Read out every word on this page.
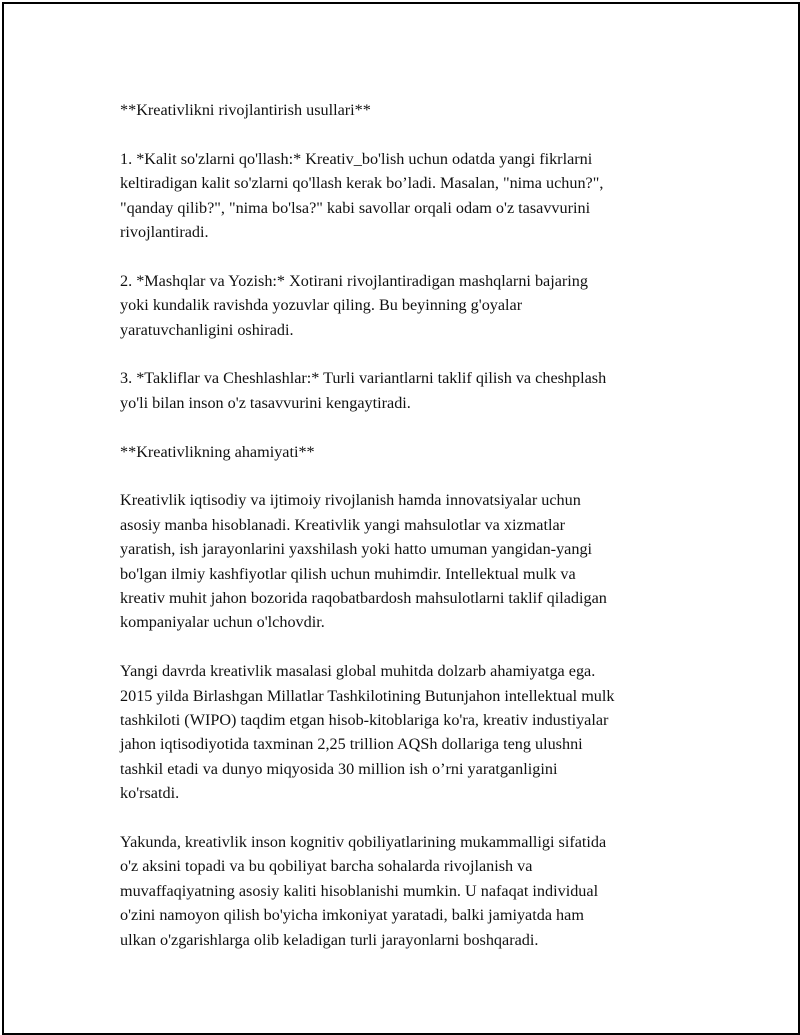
**Kreativlikni rivojlantirish usullari**

1. *Kalit so'zlarni qo'llash:* Kreativ_bo'lish uchun odatda yangi fikrlarni
keltiradigan kalit so'zlarni qo'llash kerak bo’ladi. Masalan, "nima uchun?",
"qanday qilib?", "nima bo'lsa?" kabi savollar orqali odam o'z tasavvurini
rivojlantiradi.

2. *Mashqlar va Yozish:* Xotirani rivojlantiradigan mashqlarni bajaring
yoki kundalik ravishda yozuvlar qiling. Bu beyinning g'oyalar
yaratuvchanligini oshiradi.

3. *Takliflar va Cheshlashlar:* Turli variantlarni taklif qilish va cheshplash
yo'li bilan inson o'z tasavvurini kengaytiradi.

**Kreativlikning ahamiyati**

Kreativlik iqtisodiy va ijtimoiy rivojlanish hamda innovatsiyalar uchun
asosiy manba hisoblanadi. Kreativlik yangi mahsulotlar va xizmatlar
yaratish, ish jarayonlarini yaxshilash yoki hatto umuman yangidan-yangi
bo'lgan ilmiy kashfiyotlar qilish uchun muhimdir. Intellektual mulk va
kreativ muhit jahon bozorida raqobatbardosh mahsulotlarni taklif qiladigan
kompaniyalar uchun o'lchovdir.

Yangi davrda kreativlik masalasi global muhitda dolzarb ahamiyatga ega.
2015 yilda Birlashgan Millatlar Tashkilotining Butunjahon intellektual mulk
tashkiloti (WIPO) taqdim etgan hisob-kitoblariga ko'ra, kreativ industiyalar
jahon iqtisodiyotida taxminan 2,25 trillion AQSh dollariga teng ulushni
tashkil etadi va dunyo miqyosida 30 million ish o’rni yaratganligini
ko'rsatdi.

Yakunda, kreativlik inson kognitiv qobiliyatlarining mukammalligi sifatida
o'z aksini topadi va bu qobiliyat barcha sohalarda rivojlanish va
muvaffaqiyatning asosiy kaliti hisoblanishi mumkin. U nafaqat individual
o'zini namoyon qilish bo'yicha imkoniyat yaratadi, balki jamiyatda ham
ulkan o'zgarishlarga olib keladigan turli jarayonlarni boshqaradi.
